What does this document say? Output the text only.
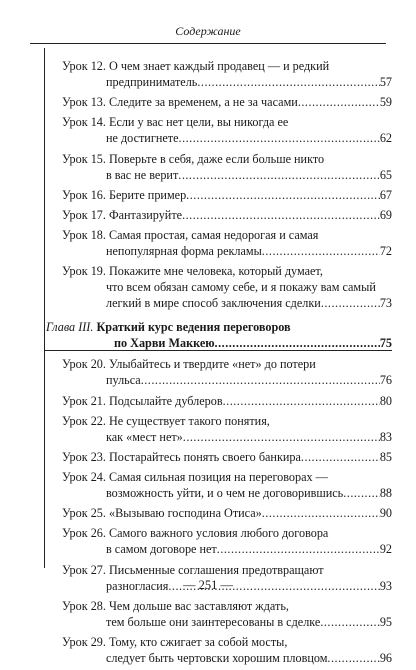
Содержание
Урок 12. О чем знает каждый продавец — и редкий
предприниматель .....	57
Урок 13. Следите за временем, а не за часами .....	59
Урок 14. Если у вас нет цели, вы никогда ее
не достигнете .....	62
Урок 15. Поверьте в себя, даже если больше никто
в вас не верит .....	65
Урок 16. Берите пример .....	67
Урок 17. Фантазируйте .....	69
Урок 18. Самая простая, самая недорогая и самая
непопулярная форма рекламы .....	72
Урок 19. Покажите мне человека, который думает,
что всем обязан самому себе, и я покажу вам самый
легкий в мире способ заключения сделки .....	73
Глава III. Краткий курс ведения переговоров
по Харви Маккею .....	75
Урок 20. Улыбайтесь и твердите «нет» до потери
пульса .....	76
Урок 21. Подсылайте дублеров .....	80
Урок 22. Не существует такого понятия,
как «мест нет» .....	83
Урок 23. Постарайтесь понять своего банкира .....	85
Урок 24. Самая сильная позиция на переговорах —
возможность уйти, и о чем не договорившись .....	88
Урок 25. «Вызываю господина Отиса» .....	90
Урок 26. Самого важного условия любого договора
в самом договоре нет .....	92
Урок 27. Письменные соглашения предотвращают
разногласия .....	93
Урок 28. Чем дольше вас заставляют ждать,
тем больше они заинтересованы в сделке .....	95
Урок 29. Тому, кто сжигает за собой мосты,
следует быть чертовски хорошим пловцом .....	96
— 251 —
